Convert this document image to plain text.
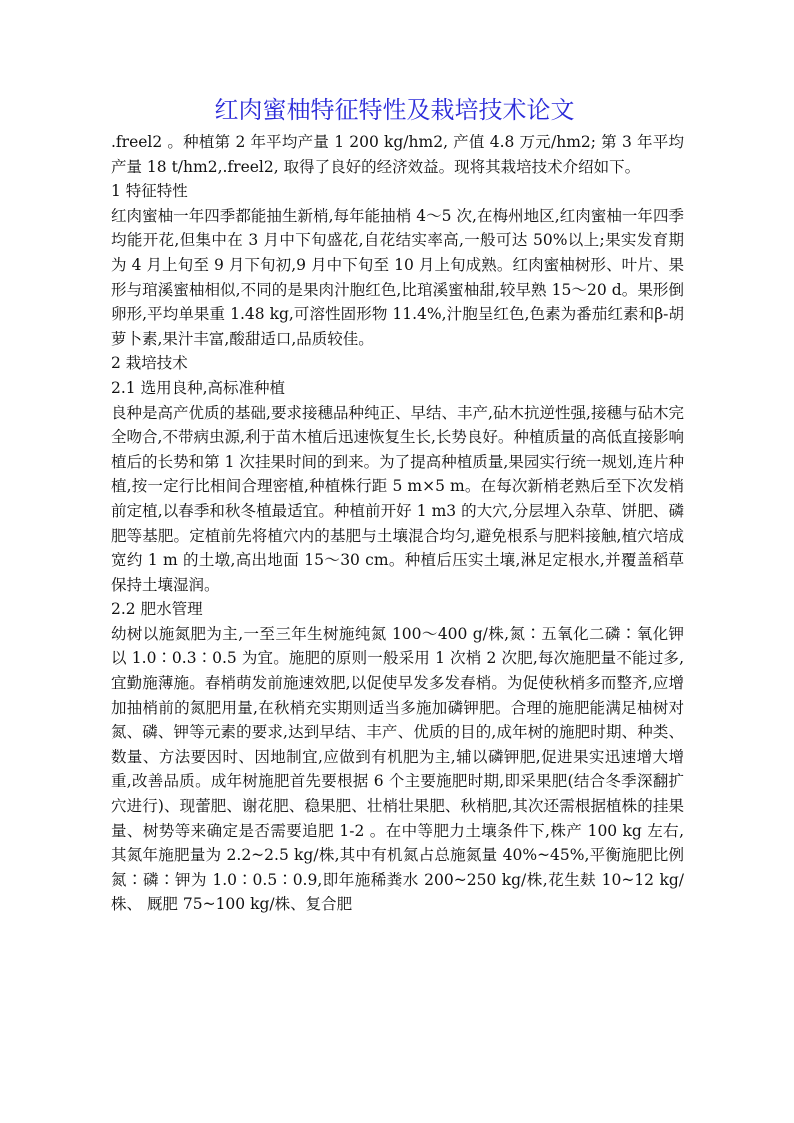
红肉蜜柚特征特性及栽培技术论文

.freel2 。种植第 2 年平均产量 1 200 kg/hm2, 产值 4.8 万元/hm2; 第 3 年平均产量 18 t/hm2,.freel2, 取得了良好的经济效益。现将其栽培技术介绍如下。

1 特征特性

红肉蜜柚一年四季都能抽生新梢,每年能抽梢 4～5 次,在梅州地区,红肉蜜柚一年四季均能开花,但集中在 3 月中下旬盛花,自花结实率高,一般可达 50%以上;果实发育期为 4 月上旬至 9 月下旬初,9 月中下旬至 10 月上旬成熟。红肉蜜柚树形、叶片、果形与琯溪蜜柚相似,不同的是果肉汁胞红色,比琯溪蜜柚甜,较早熟 15～20 d。果形倒卵形,平均单果重 1.48 kg,可溶性固形物 11.4%,汁胞呈红色,色素为番茄红素和β-胡萝卜素,果汁丰富,酸甜适口,品质较佳。

2 栽培技术

2.1 选用良种,高标准种植

良种是高产优质的基础,要求接穗品种纯正、早结、丰产,砧木抗逆性强,接穗与砧木完全吻合,不带病虫源,利于苗木植后迅速恢复生长,长势良好。种植质量的高低直接影响植后的长势和第 1 次挂果时间的到来。为了提高种植质量,果园实行统一规划,连片种植,按一定行比相间合理密植,种植株行距 5 m×5 m。在每次新梢老熟后至下次发梢前定植,以春季和秋冬植最适宜。种植前开好 1 m3 的大穴,分层埋入杂草、饼肥、磷肥等基肥。定植前先将植穴内的基肥与土壤混合均匀,避免根系与肥料接触,植穴培成宽约 1 m 的土墩,高出地面 15～30 cm。种植后压实土壤,淋足定根水,并覆盖稻草保持土壤湿润。

2.2 肥水管理

幼树以施氮肥为主,一至三年生树施纯氮 100～400 g/株,氮∶五氧化二磷∶氧化钾以 1.0∶0.3∶0.5 为宜。施肥的原则一般采用 1 次梢 2 次肥,每次施肥量不能过多,宜勤施薄施。春梢萌发前施速效肥,以促使早发多发春梢。为促使秋梢多而整齐,应增加抽梢前的氮肥用量,在秋梢充实期则适当多施加磷钾肥。合理的施肥能满足柚树对氮、磷、钾等元素的要求,达到早结、丰产、优质的目的,成年树的施肥时期、种类、数量、方法要因时、因地制宜,应做到有机肥为主,辅以磷钾肥,促进果实迅速增大增重,改善品质。成年树施肥首先要根据 6 个主要施肥时期,即采果肥(结合冬季深翻扩穴进行)、现蕾肥、谢花肥、稳果肥、壮梢壮果肥、秋梢肥,其次还需根据植株的挂果量、树势等来确定是否需要追肥 1-2 。在中等肥力土壤条件下,株产 100 kg 左右,其氮年施肥量为 2.2~2.5 kg/株,其中有机氮占总施氮量 40%~45%,平衡施肥比例氮∶磷∶钾为 1.0∶0.5∶0.9,即年施稀粪水 200~250 kg/株,花生麸 10~12 kg/株、 厩肥 75~100 kg/株、复合肥
